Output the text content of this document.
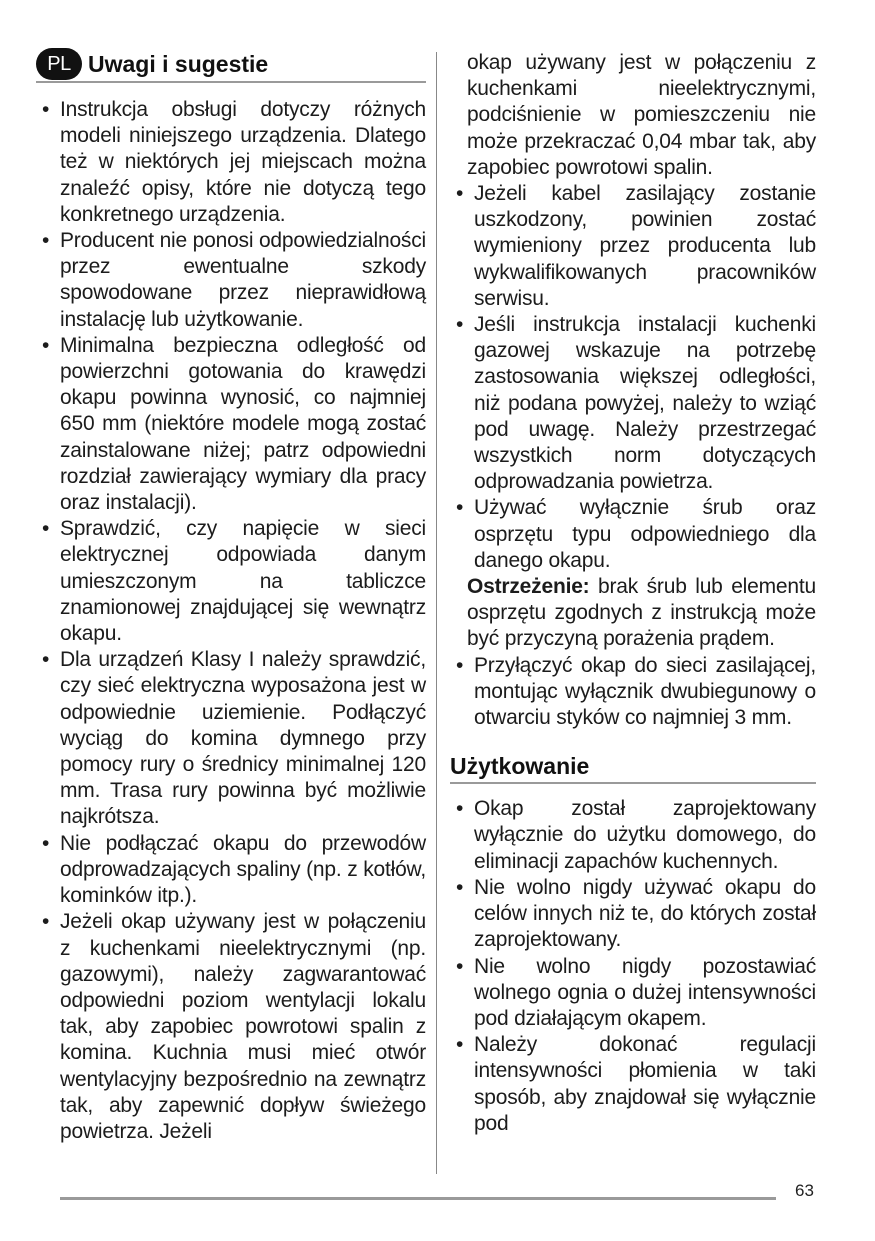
PL Uwagi i sugestie
• Instrukcja obsługi dotyczy różnych modeli niniejszego urządzenia. Dlatego też w niektórych jej miejscach można znaleźć opisy, które nie dotyczą tego konkretnego urządzenia.
• Producent nie ponosi odpowiedzialności przez ewentualne szkody spowodowane przez nieprawidłową instalację lub użytkowanie.
• Minimalna bezpieczna odległość od powierzchni gotowania do krawędzi okapu powinna wynosić, co najmniej 650 mm (niektóre modele mogą zostać zainstalowane niżej; patrz odpowiedni rozdział zawierający wymiary dla pracy oraz instalacji).
• Sprawdzić, czy napięcie w sieci elektrycznej odpowiada danym umieszczonym na tabliczce znamionowej znajdującej się wewnątrz okapu.
• Dla urządzeń Klasy I należy sprawdzić, czy sieć elektryczna wyposażona jest w odpowiednie uziemienie. Podłączyć wyciąg do komina dymnego przy pomocy rury o średnicy minimalnej 120 mm. Trasa rury powinna być możliwie najkrótsza.
• Nie podłączać okapu do przewodów odprowadzających spaliny (np. z kotłów, kominków itp.).
• Jeżeli okap używany jest w połączeniu z kuchenkami nieelektrycznymi (np. gazowymi), należy zagwarantować odpowiedni poziom wentylacji lokalu tak, aby zapobiec powrotowi spalin z komina. Kuchnia musi mieć otwór wentylacyjny bezpośrednio na zewnątrz tak, aby zapewnić dopływ świeżego powietrza. Jeżeli
okap używany jest w połączeniu z kuchenkami nieelektrycznymi, podciśnienie w pomieszczeniu nie może przekraczać 0,04 mbar tak, aby zapobiec powrotowi spalin.
• Jeżeli kabel zasilający zostanie uszkodzony, powinien zostać wymieniony przez producenta lub wykwalifikowanych pracowników serwisu.
• Jeśli instrukcja instalacji kuchenki gazowej wskazuje na potrzebę zastosowania większej odległości, niż podana powyżej, należy to wziąć pod uwagę. Należy przestrzegać wszystkich norm dotyczących odprowadzania powietrza.
• Używać wyłącznie śrub oraz osprzętu typu odpowiedniego dla danego okapu.
Ostrzeżenie: brak śrub lub elementu osprzętu zgodnych z instrukcją może być przyczyną porażenia prądem.
• Przyłączyć okap do sieci zasilającej, montując wyłącznik dwubiegunowy o otwarciu styków co najmniej 3 mm.
Użytkowanie
• Okap został zaprojektowany wyłącznie do użytku domowego, do eliminacji zapachów kuchennych.
• Nie wolno nigdy używać okapu do celów innych niż te, do których został zaprojektowany.
• Nie wolno nigdy pozostawiać wolnego ognia o dużej intensywności pod działającym okapem.
• Należy dokonać regulacji intensywności płomienia w taki sposób, aby znajdował się wyłącznie pod
63
